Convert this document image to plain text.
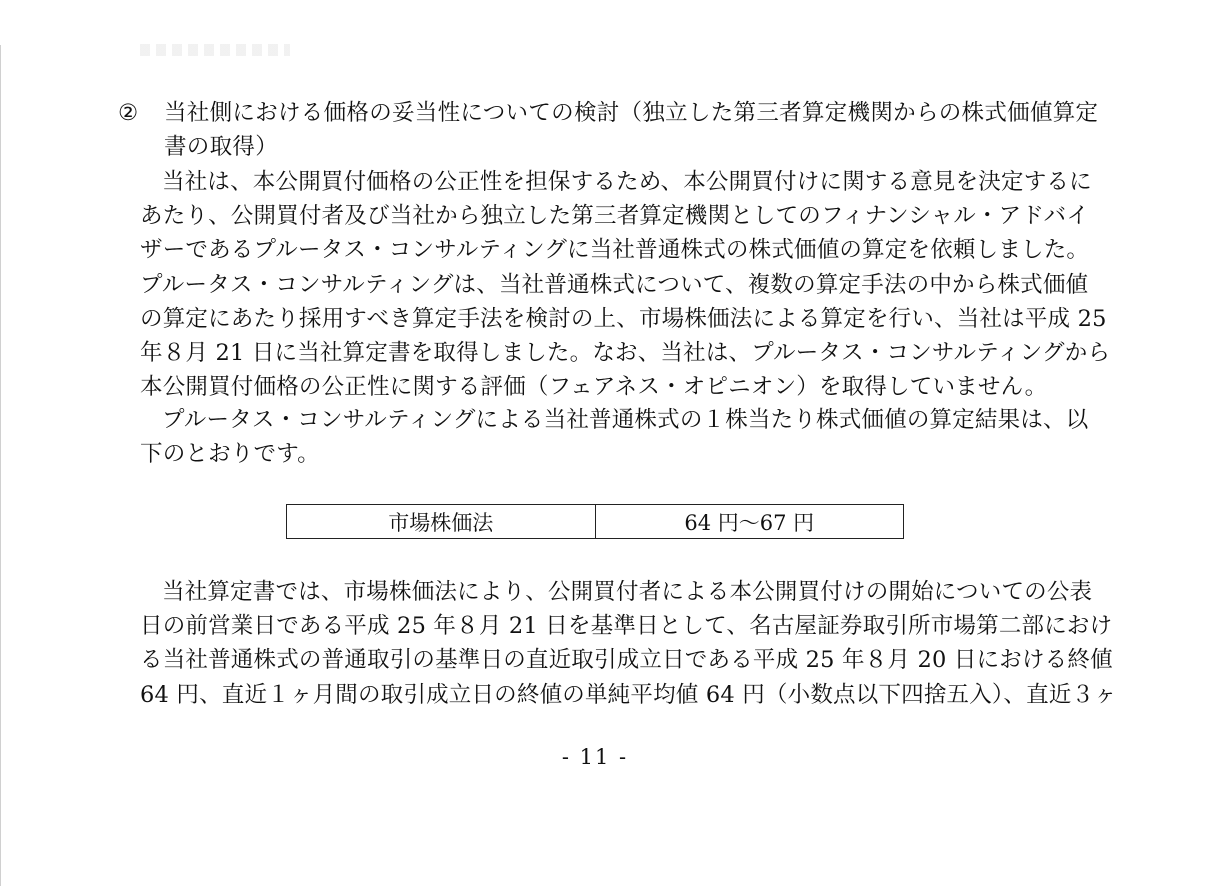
② 当社側における価格の妥当性についての検討（独立した第三者算定機関からの株式価値算定
書の取得）
当社は、本公開買付価格の公正性を担保するため、本公開買付けに関する意見を決定するに
あたり、公開買付者及び当社から独立した第三者算定機関としてのフィナンシャル・アドバイ
ザーであるプルータス・コンサルティングに当社普通株式の株式価値の算定を依頼しました。
プルータス・コンサルティングは、当社普通株式について、複数の算定手法の中から株式価値
の算定にあたり採用すべき算定手法を検討の上、市場株価法による算定を行い、当社は平成 25
年８月 21 日に当社算定書を取得しました。なお、当社は、プルータス・コンサルティングから
本公開買付価格の公正性に関する評価（フェアネス・オピニオン）を取得していません。
プルータス・コンサルティングによる当社普通株式の１株当たり株式価値の算定結果は、以
下のとおりです。
市場株価法	64 円～67 円
当社算定書では、市場株価法により、公開買付者による本公開買付けの開始についての公表
日の前営業日である平成 25 年８月 21 日を基準日として、名古屋証券取引所市場第二部におけ
る当社普通株式の普通取引の基準日の直近取引成立日である平成 25 年８月 20 日における終値
64 円、直近１ヶ月間の取引成立日の終値の単純平均値 64 円（小数点以下四捨五入）、直近３ヶ
- 11 -
